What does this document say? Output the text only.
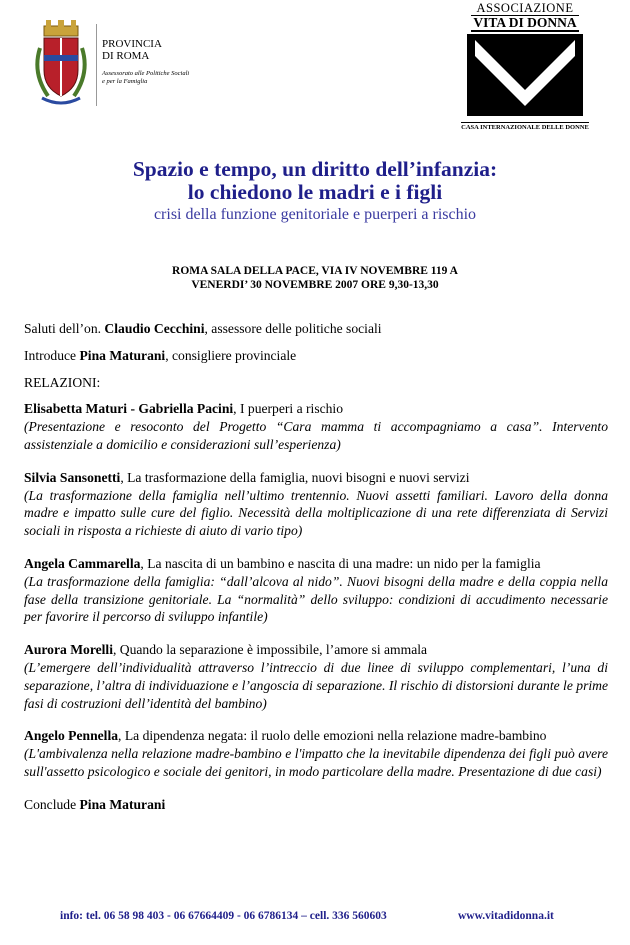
PROVINCIA
DI ROMA
Assessorato alle Politiche Sociali
e per la Famiglia
ASSOCIAZIONE
VITA DI DONNA
CASA INTERNAZIONALE DELLE DONNE
Spazio e tempo, un diritto dell’infanzia:
lo chiedono le madri e i figli
crisi della funzione genitoriale e puerperi a rischio
ROMA SALA DELLA PACE, VIA IV NOVEMBRE 119 A
VENERDI’ 30 NOVEMBRE 2007 ORE 9,30-13,30

Saluti dell’on. Claudio Cecchini, assessore delle politiche sociali

Introduce Pina Maturani, consigliere provinciale

RELAZIONI:

Elisabetta Maturi - Gabriella Pacini, I puerperi a rischio

(Presentazione e resoconto del Progetto “Cara mamma ti accompagniamo a casa”. Intervento assistenziale a domicilio e considerazioni sull’esperienza)

Silvia Sansonetti, La trasformazione della famiglia, nuovi bisogni e nuovi servizi

(La trasformazione della famiglia nell’ultimo trentennio. Nuovi assetti familiari. Lavoro della donna madre e impatto sulle cure del figlio. Necessità della moltiplicazione di una rete differenziata di Servizi sociali in risposta a richieste di aiuto di vario tipo)

Angela Cammarella, La nascita di un bambino e nascita di una madre: un nido per la famiglia

(La trasformazione della famiglia: “dall’alcova al nido”. Nuovi bisogni della madre e della coppia nella fase della transizione genitoriale. La “normalità” dello sviluppo: condizioni di accudimento necessarie per favorire il percorso di sviluppo infantile)

Aurora Morelli, Quando la separazione è impossibile, l’amore si ammala

(L’emergere dell’individualità attraverso l’intreccio di due linee di sviluppo complementari, l’una di separazione, l’altra di individuazione e l’angoscia di separazione. Il rischio di distorsioni durante le prime fasi di costruzioni dell’identità del bambino)

Angelo Pennella, La dipendenza negata: il ruolo delle emozioni nella relazione madre-bambino

(L'ambivalenza nella relazione madre-bambino e l'impatto che la inevitabile dipendenza dei figli può avere sull'assetto psicologico e sociale dei genitori, in modo particolare della madre. Presentazione di due casi)

Conclude Pina Maturani

info: tel. 06 58 98 403 - 06 67664409 - 06 6786134 – cell. 336 560603	www.vitadidonna.it
